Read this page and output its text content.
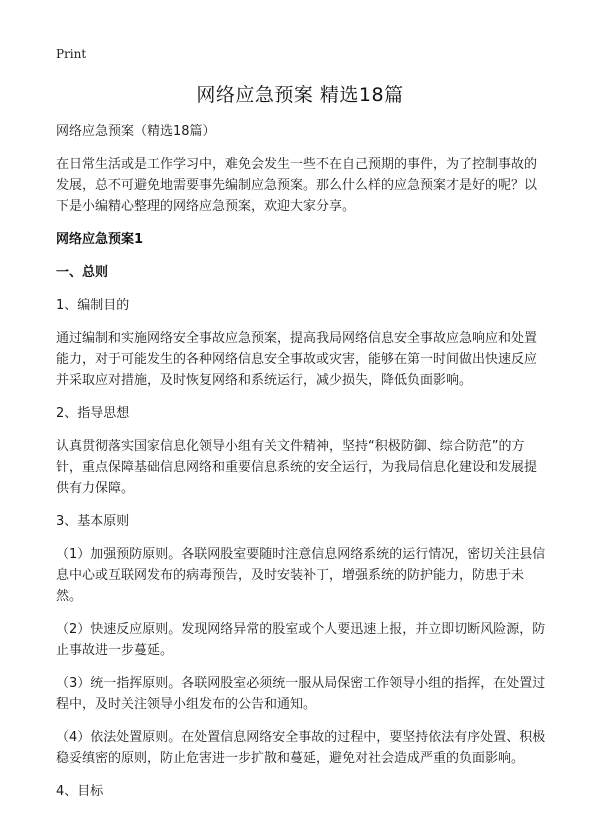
Print
网络应急预案 精选18篇

网络应急预案（精选18篇）

在日常生活或是工作学习中，难免会发生一些不在自己预期的事件，为了控制事故的发展，总不可避免地需要事先编制应急预案。那么什么样的应急预案才是好的呢？以下是小编精心整理的网络应急预案，欢迎大家分享。

网络应急预案1

一、总则

1、编制目的

通过编制和实施网络安全事故应急预案，提高我局网络信息安全事故应急响应和处置能力，对于可能发生的各种网络信息安全事故或灾害，能够在第一时间做出快速反应并采取应对措施，及时恢复网络和系统运行，减少损失，降低负面影响。

2、指导思想

认真贯彻落实国家信息化领导小组有关文件精神，坚持“积极防御、综合防范”的方针，重点保障基础信息网络和重要信息系统的安全运行，为我局信息化建设和发展提供有力保障。

3、基本原则

（1）加强预防原则。各联网股室要随时注意信息网络系统的运行情况，密切关注县信息中心或互联网发布的病毒预告，及时安装补丁，增强系统的防护能力，防患于未然。

（2）快速反应原则。发现网络异常的股室或个人要迅速上报，并立即切断风险源，防止事故进一步蔓延。

（3）统一指挥原则。各联网股室必须统一服从局保密工作领导小组的指挥，在处置过程中，及时关注领导小组发布的公告和通知。

（4）依法处置原则。在处置信息网络安全事故的过程中，要坚持依法有序处置、积极稳妥缜密的原则，防止危害进一步扩散和蔓延，避免对社会造成严重的负面影响。

4、目标
